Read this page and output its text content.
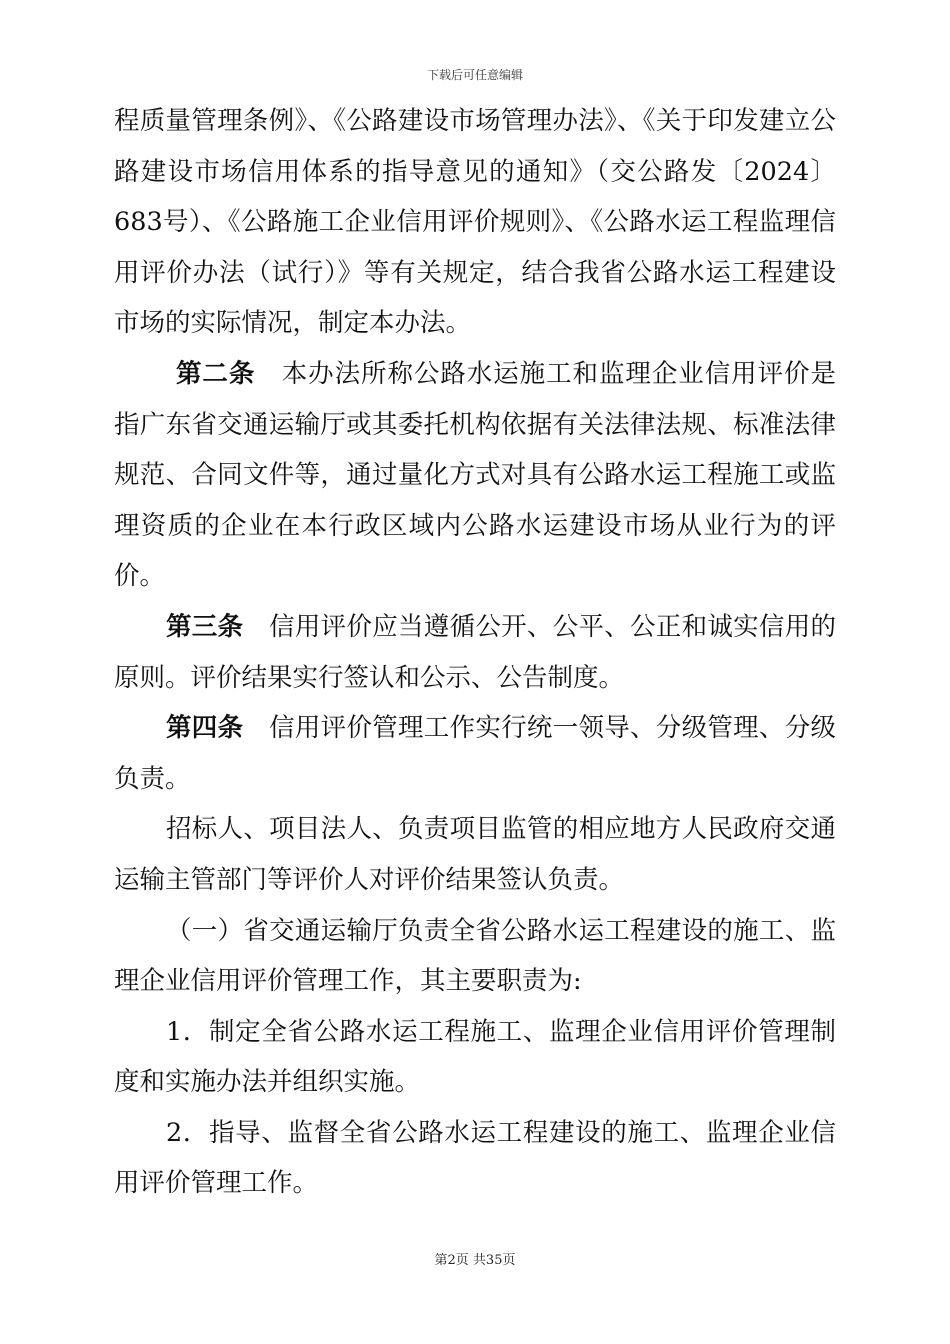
下载后可任意编辑

程质量管理条例》、《公路建设市场管理办法》、《关于印发建立公路建设市场信用体系的指导意见的通知》（交公路发〔2024〕683号）、《公路施工企业信用评价规则》、《公路水运工程监理信用评价办法（试行）》等有关规定，结合我省公路水运工程建设市场的实际情况，制定本办法。

第二条　本办法所称公路水运施工和监理企业信用评价是指广东省交通运输厅或其委托机构依据有关法律法规、标准法律规范、合同文件等，通过量化方式对具有公路水运工程施工或监理资质的企业在本行政区域内公路水运建设市场从业行为的评价。

第三条　信用评价应当遵循公开、公平、公正和诚实信用的原则。评价结果实行签认和公示、公告制度。

第四条　信用评价管理工作实行统一领导、分级管理、分级负责。

招标人、项目法人、负责项目监管的相应地方人民政府交通运输主管部门等评价人对评价结果签认负责。

（一）省交通运输厅负责全省公路水运工程建设的施工、监理企业信用评价管理工作，其主要职责为:

1．制定全省公路水运工程施工、监理企业信用评价管理制度和实施办法并组织实施。

2．指导、监督全省公路水运工程建设的施工、监理企业信用评价管理工作。

第2页 共35页
